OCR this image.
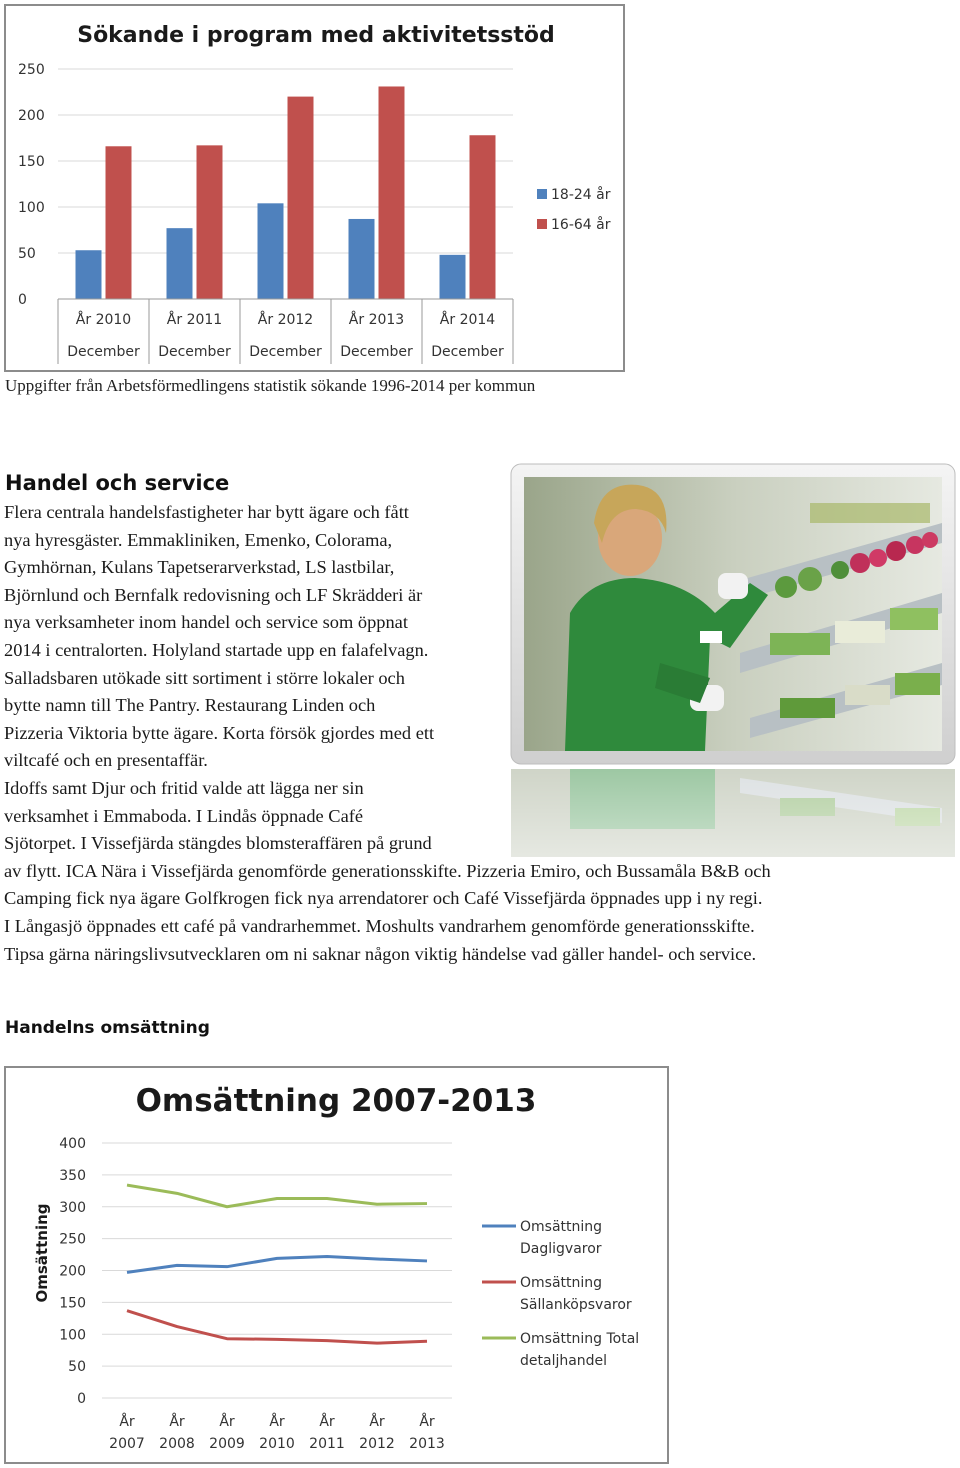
Sökande i program med aktivitetsstöd
0
50
100
150
200
250
År 2010
December
År 2011
December
År 2012
December
År 2013
December
År 2014
December
18-24 år
16-64 år
Uppgifter från Arbetsförmedlingens statistik sökande 1996-2014 per kommun
Handel och service

Flera centrala handelsfastigheter har bytt ägare och fått
nya hyresgäster. Emmakliniken, Emenko, Colorama,
Gymhörnan, Kulans Tapetserarverkstad, LS lastbilar,
Björnlund och Bernfalk redovisning och LF Skrädderi är
nya verksamheter inom handel och service som öppnat
2014 i centralorten. Holyland startade upp en falafelvagn.
Salladsbaren utökade sitt sortiment i större lokaler och
bytte namn till The Pantry. Restaurang Linden och
Pizzeria Viktoria bytte ägare. Korta försök gjordes med ett
viltcafé och en presentaffär.
Idoffs samt Djur och fritid valde att lägga ner sin
verksamhet i Emmaboda. I Lindås öppnade Café
Sjötorpet. I Vissefjärda stängdes blomsteraffären på grund
av flytt. ICA Nära i Vissefjärda genomförde generationsskifte. Pizzeria Emiro, och Bussamåla B&B och
Camping fick nya ägare Golfkrogen fick nya arrendatorer och Café Vissefjärda öppnades upp i ny regi.
I Långasjö öppnades ett café på vandrarhemmet. Moshults vandrarhem genomförde generationsskifte.
Tipsa gärna näringslivsutvecklaren om ni saknar någon viktig händelse vad gäller handel- och service.

Handelns omsättning
Omsättning 2007-2013
Omsättning
0
50
100
150
200
250
300
350
400
År 2007
År 2008
År 2009
År 2010
År 2011
År 2012
År 2013
Omsättning
Dagligvaror
Omsättning
Sällanköpsvaror
Omsättning Total
detaljhandel
